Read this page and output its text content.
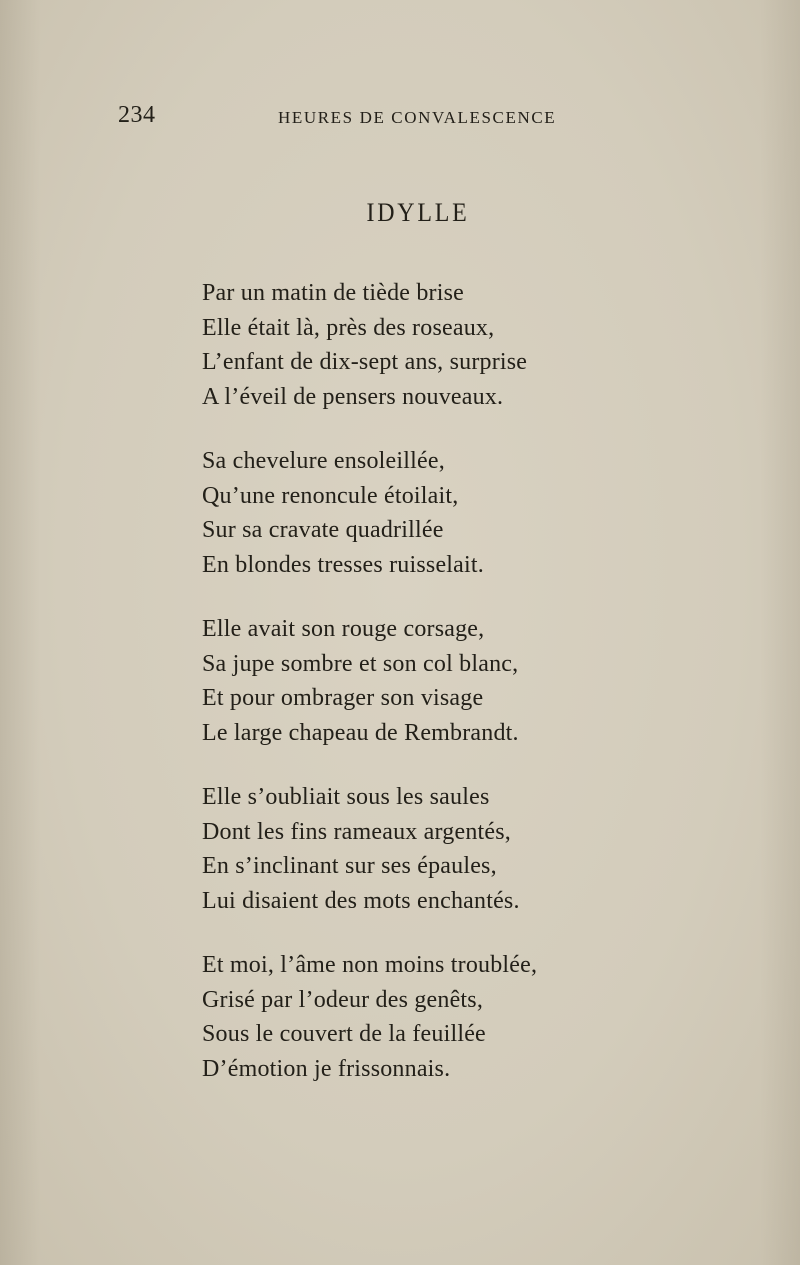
234	HEURES DE CONVALESCENCE
IDYLLE
Par un matin de tiède brise
Elle était là, près des roseaux,
L’enfant de dix-sept ans, surprise
A l’éveil de pensers nouveaux.
Sa chevelure ensoleillée,
Qu’une renoncule étoilait,
Sur sa cravate quadrillée
En blondes tresses ruisselait.
Elle avait son rouge corsage,
Sa jupe sombre et son col blanc,
Et pour ombrager son visage
Le large chapeau de Rembrandt.
Elle s’oubliait sous les saules
Dont les fins rameaux argentés,
En s’inclinant sur ses épaules,
Lui disaient des mots enchantés.
Et moi, l’âme non moins troublée,
Grisé par l’odeur des genêts,
Sous le couvert de la feuillée
D’émotion je frissonnais.
